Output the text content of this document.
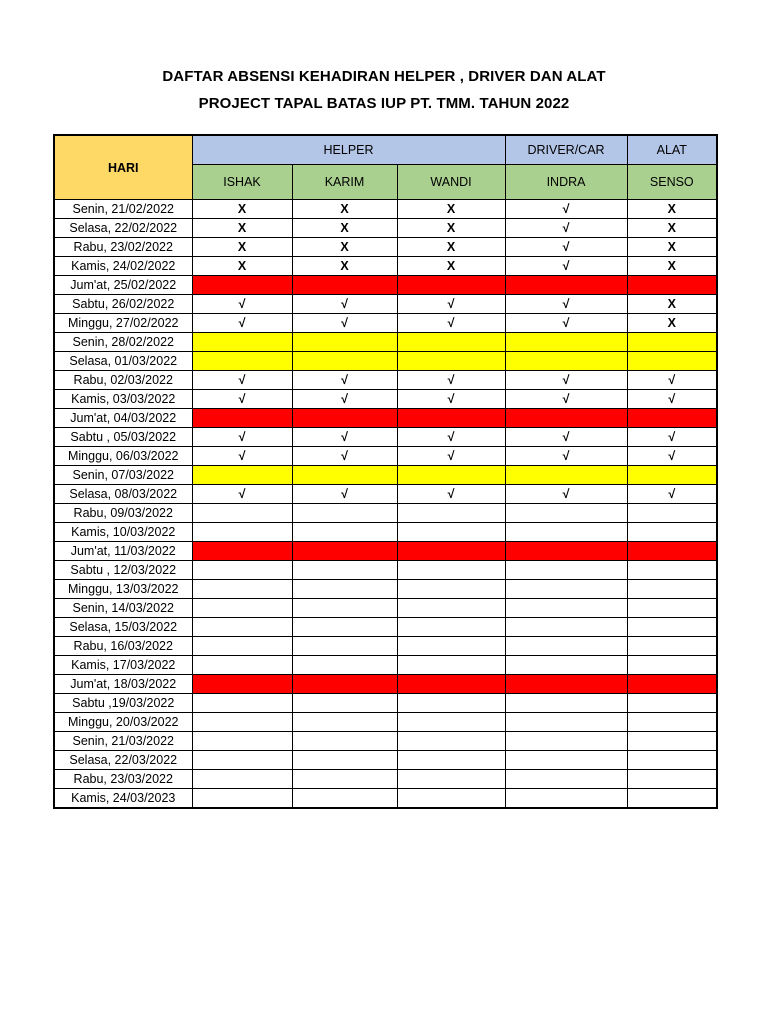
DAFTAR ABSENSI KEHADIRAN HELPER , DRIVER DAN ALAT
PROJECT TAPAL BATAS IUP PT. TMM. TAHUN 2022
HARI	HELPER			DRIVER/CAR	ALAT
	ISHAK	KARIM	WANDI	INDRA	SENSO
Senin, 21/02/2022	X	X	X	√	X
Selasa, 22/02/2022	X	X	X	√	X
Rabu, 23/02/2022	X	X	X	√	X
Kamis, 24/02/2022	X	X	X	√	X
Jum'at, 25/02/2022					
Sabtu, 26/02/2022	√	√	√	√	X
Minggu, 27/02/2022	√	√	√	√	X
Senin, 28/02/2022					
Selasa, 01/03/2022					
Rabu, 02/03/2022	√	√	√	√	√
Kamis, 03/03/2022	√	√	√	√	√
Jum'at, 04/03/2022					
Sabtu , 05/03/2022	√	√	√	√	√
Minggu, 06/03/2022	√	√	√	√	√
Senin, 07/03/2022					
Selasa, 08/03/2022	√	√	√	√	√
Rabu, 09/03/2022					
Kamis, 10/03/2022					
Jum'at, 11/03/2022					
Sabtu , 12/03/2022					
Minggu, 13/03/2022					
Senin, 14/03/2022					
Selasa, 15/03/2022					
Rabu, 16/03/2022					
Kamis, 17/03/2022					
Jum'at, 18/03/2022					
Sabtu ,19/03/2022					
Minggu, 20/03/2022					
Senin, 21/03/2022					
Selasa, 22/03/2022					
Rabu, 23/03/2022					
Kamis, 24/03/2023					
